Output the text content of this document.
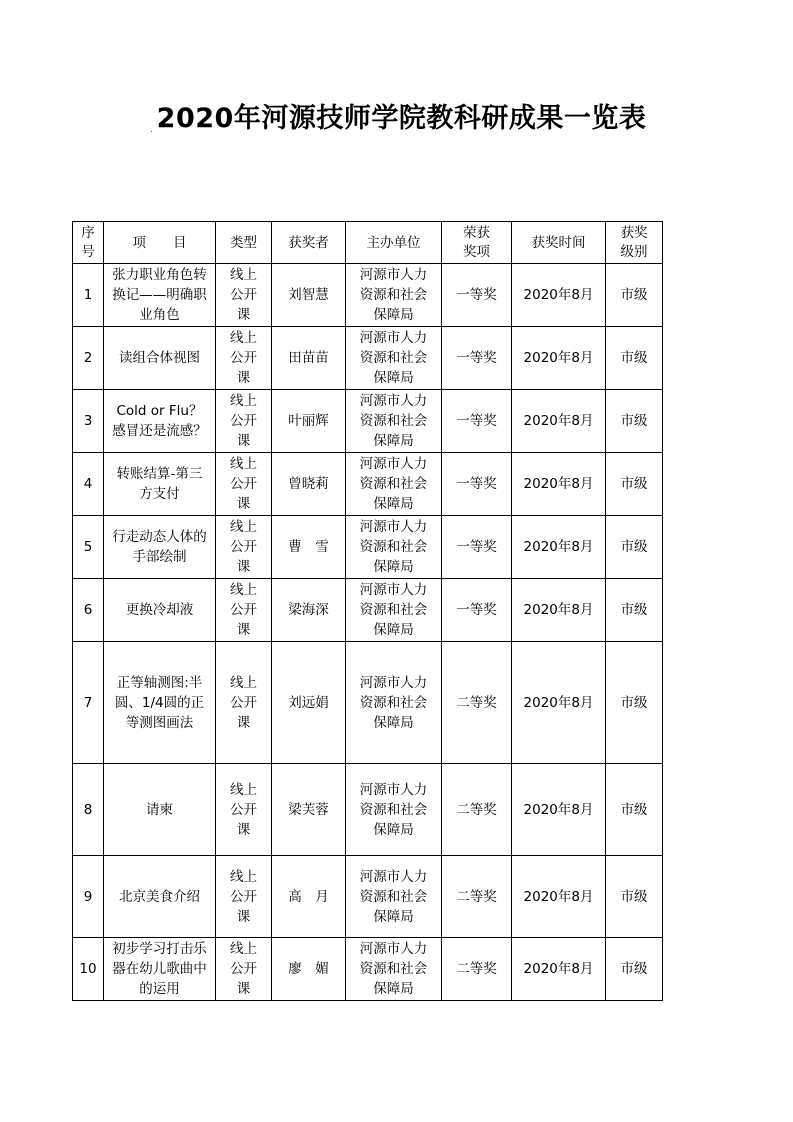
2020年河源技师学院教科研成果一览表
序号	项　　目	类型	获奖者	主办单位	荣获奖项	获奖时间	获奖级别
1	张力职业角色转换记——明确职业角色	线上公开课	刘智慧	河源市人力资源和社会保障局	一等奖	2020年8月	市级
2	读组合体视图	线上公开课	田苗苗	河源市人力资源和社会保障局	一等奖	2020年8月	市级
3	Cold or Flu？感冒还是流感？	线上公开课	叶丽辉	河源市人力资源和社会保障局	一等奖	2020年8月	市级
4	转账结算-第三方支付	线上公开课	曾晓莉	河源市人力资源和社会保障局	一等奖	2020年8月	市级
5	行走动态人体的手部绘制	线上公开课	曹　雪	河源市人力资源和社会保障局	一等奖	2020年8月	市级
6	更换冷却液	线上公开课	梁海深	河源市人力资源和社会保障局	一等奖	2020年8月	市级
7	正等轴测图:半圆、1/4圆的正等测图画法	线上公开课	刘远娟	河源市人力资源和社会保障局	二等奖	2020年8月	市级
8	请柬	线上公开课	梁芙蓉	河源市人力资源和社会保障局	二等奖	2020年8月	市级
9	北京美食介绍	线上公开课	高　月	河源市人力资源和社会保障局	二等奖	2020年8月	市级
10	初步学习打击乐器在幼儿歌曲中的运用	线上公开课	廖　媚	河源市人力资源和社会保障局	二等奖	2020年8月	市级
